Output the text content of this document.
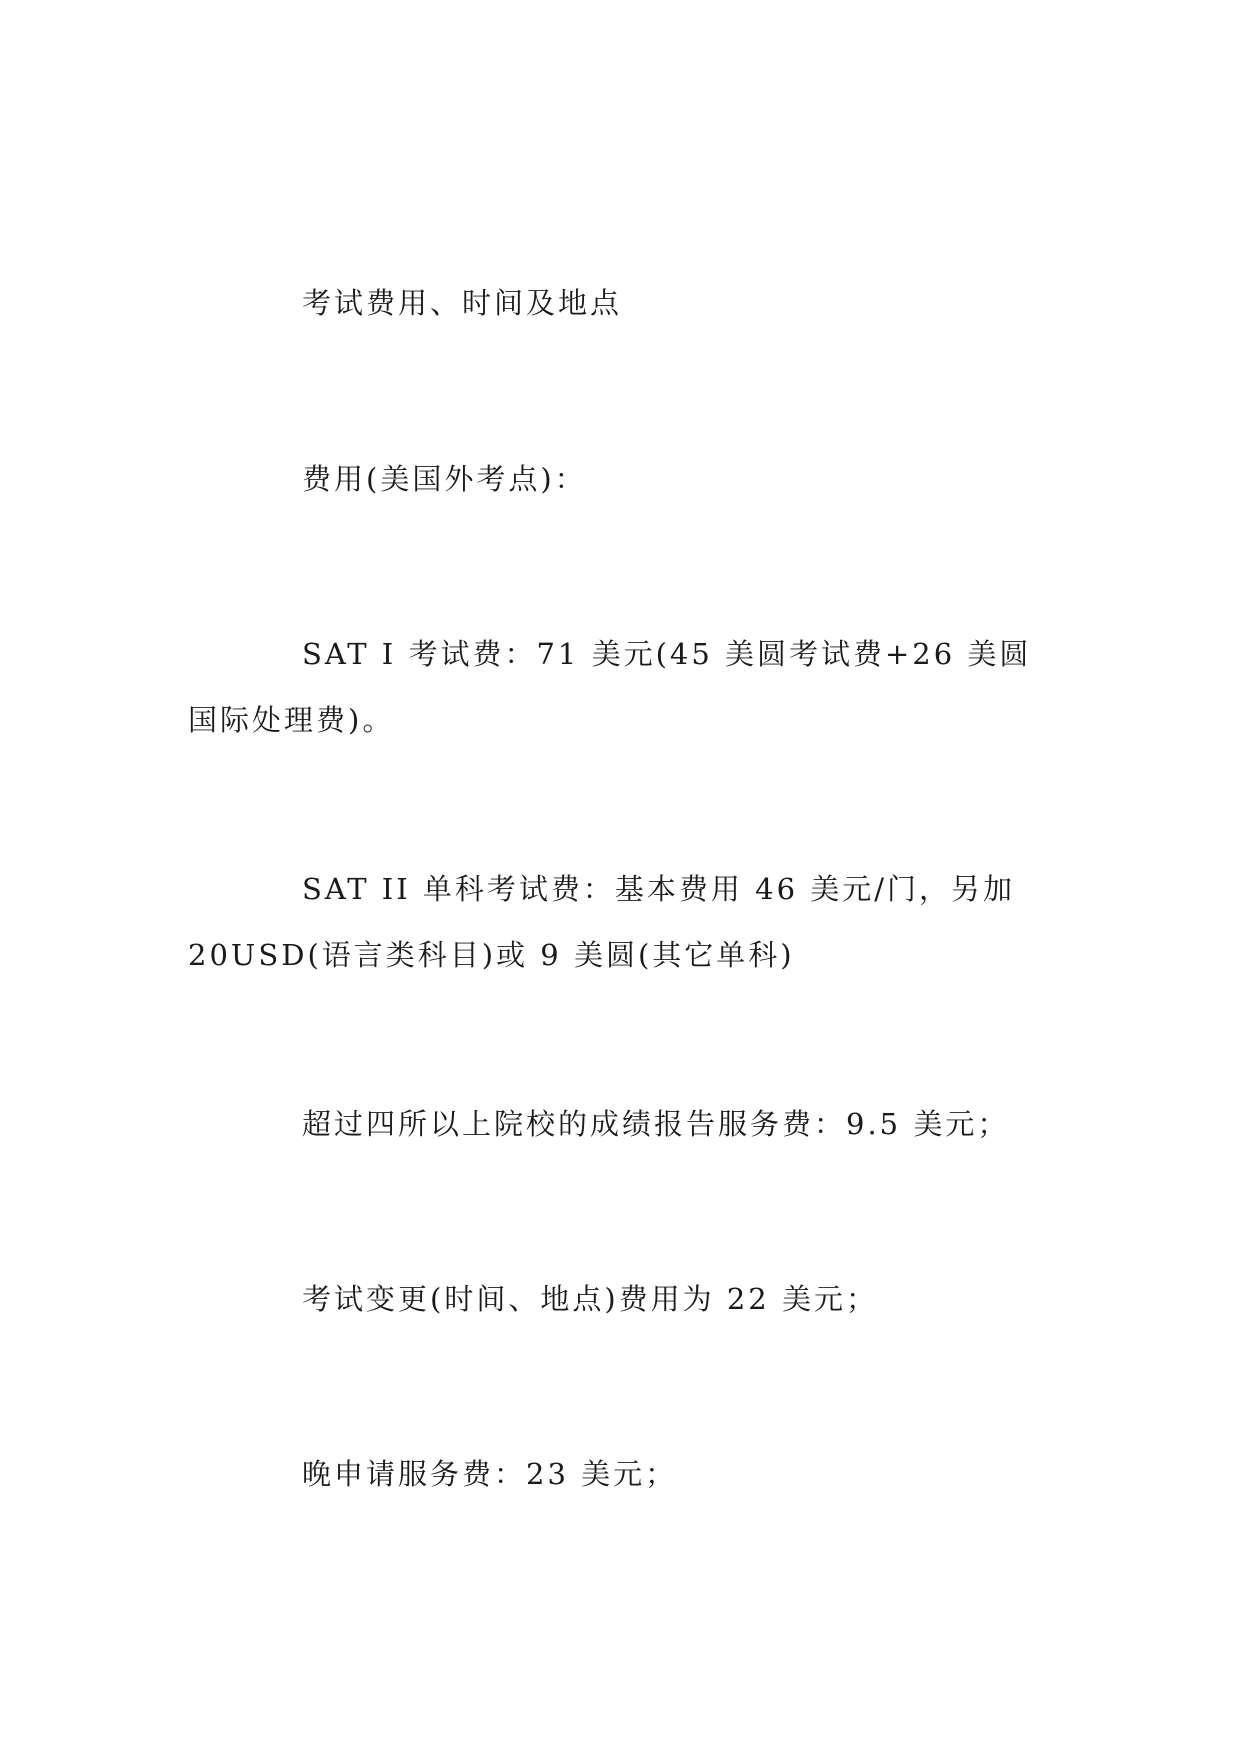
考试费用、时间及地点

费用(美国外考点)：

SAT I 考试费：71 美元(45 美圆考试费+26 美圆国际处理费)。

SAT II 单科考试费：基本费用 46 美元/门，另加 20USD(语言类科目)或 9 美圆(其它单科)

超过四所以上院校的成绩报告服务费：9.5 美元；

考试变更(时间、地点)费用为 22 美元；

晚申请服务费：23 美元；
